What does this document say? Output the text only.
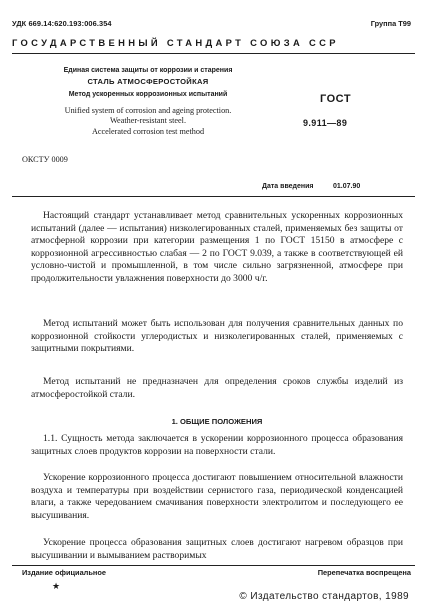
УДК 669.14:620.193:006.354	Группа Т99
ГОСУДАРСТВЕННЫЙ СТАНДАРТ СОЮЗА ССР
Единая система защиты от коррозии и старения
СТАЛЬ АТМОСФЕРОСТОЙКАЯ
Метод ускоренных коррозионных испытаний
Unified system of corrosion and ageing protection.
Weather-resistant steel.
Accelerated corrosion test method
ОКСТУ 0009
ГОСТ
9.911—89
Дата введения	01.07.90

Настоящий стандарт устанавливает метод сравнительных ускоренных коррозионных испытаний (далее — испытания) низколегированных сталей, применяемых без защиты от атмосферной коррозии при категории размещения 1 по ГОСТ 15150 в атмосфере с коррозионной агрессивностью слабая — 2 по ГОСТ 9.039, а также в соответствующей ей условно-чистой и промышленной, в том числе сильно загрязненной, атмосфере при продолжительности увлажнения поверхности до 3000 ч/г.

Метод испытаний может быть использован для получения сравнительных данных по коррозионной стойкости углеродистых и низколегированных сталей, применяемых с защитными покрытиями.

Метод испытаний не предназначен для определения сроков службы изделий из атмосферостойкой стали.

1. ОБЩИЕ ПОЛОЖЕНИЯ

1.1. Сущность метода заключается в ускорении коррозионного процесса образования защитных слоев продуктов коррозии на поверхности стали.

Ускорение коррозионного процесса достигают повышением относительной влажности воздуха и температуры при воздействии сернистого газа, периодической конденсацией влаги, а также чередованием смачивания поверхности электролитом и последующего ее высушивания.

Ускорение процесса образования защитных слоев достигают нагревом образцов при высушивании и вымыванием растворимых

Издание официальное
★
Перепечатка воспрещена
© Издательство стандартов, 1989
